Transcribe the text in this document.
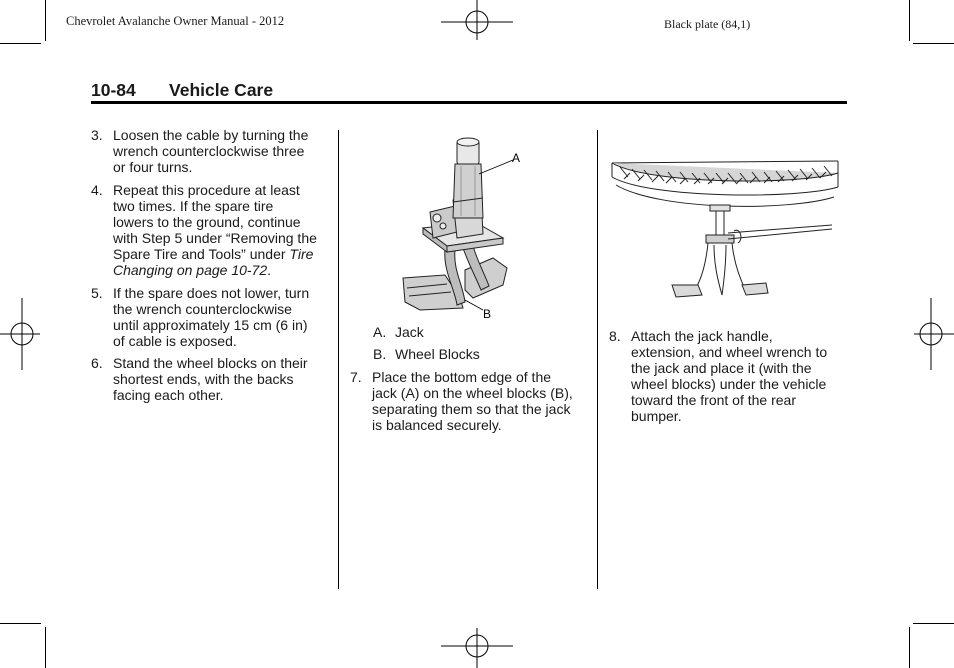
Chevrolet Avalanche Owner Manual - 2012	Black plate (84,1)
10-84 Vehicle Care
3. Loosen the cable by turning the
wrench counterclockwise three
or four turns.
4. Repeat this procedure at least
two times. If the spare tire
lowers to the ground, continue
with Step 5 under “Removing the
Spare Tire and Tools” under Tire
Changing on page 10-72.
5. If the spare does not lower, turn
the wrench counterclockwise
until approximately 15 cm (6 in)
of cable is exposed.
6. Stand the wheel blocks on their
shortest ends, with the backs
facing each other.
A
B
A. Jack
B. Wheel Blocks
7. Place the bottom edge of the
jack (A) on the wheel blocks (B),
separating them so that the jack
is balanced securely.
8. Attach the jack handle,
extension, and wheel wrench to
the jack and place it (with the
wheel blocks) under the vehicle
toward the front of the rear
bumper.
